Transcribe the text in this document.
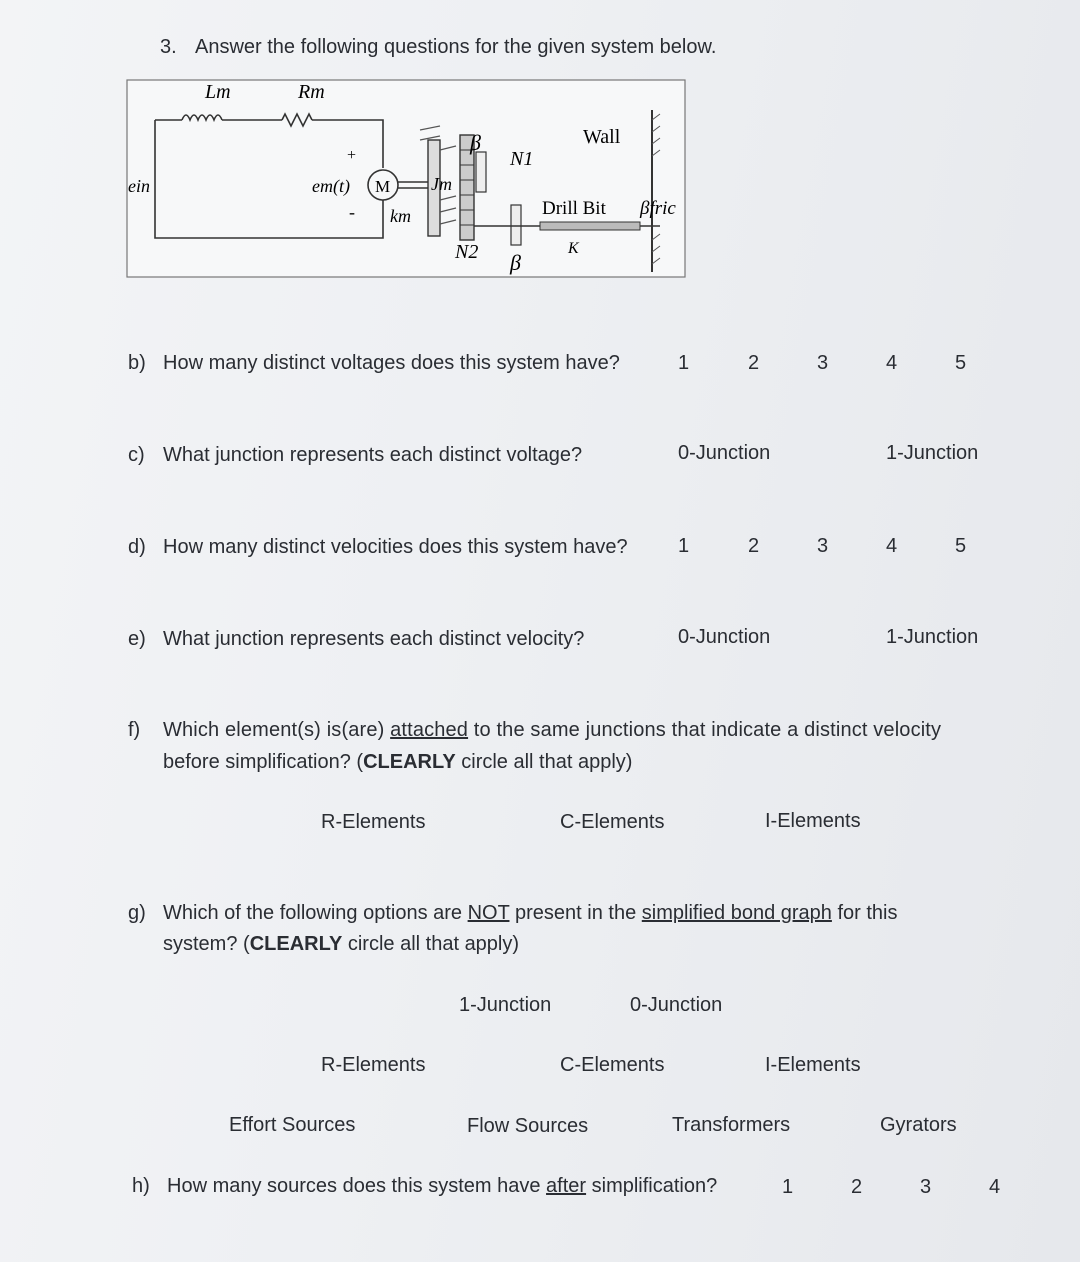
3. Answer the following questions for the given system below.
Lm	Rm
ein
+
-
em(t) M Jm
km
β
N1
N2 β
Wall
Drill Bit
K
βfric
b) How many distinct voltages does this system have?	1	2	3	4	5
c) What junction represents each distinct voltage?	0-Junction	1-Junction
d) How many distinct velocities does this system have?	1	2	3	4	5
e) What junction represents each distinct velocity?	0-Junction	1-Junction
f) Which element(s) is(are) attached to the same junctions that indicate a distinct velocity
before simplification? (CLEARLY circle all that apply)
R-Elements	C-Elements	I-Elements
g) Which of the following options are NOT present in the simplified bond graph for this
system? (CLEARLY circle all that apply)
1-Junction	0-Junction
R-Elements	C-Elements	I-Elements
Effort Sources	Flow Sources	Transformers	Gyrators
h) How many sources does this system have after simplification?	1	2	3	4
